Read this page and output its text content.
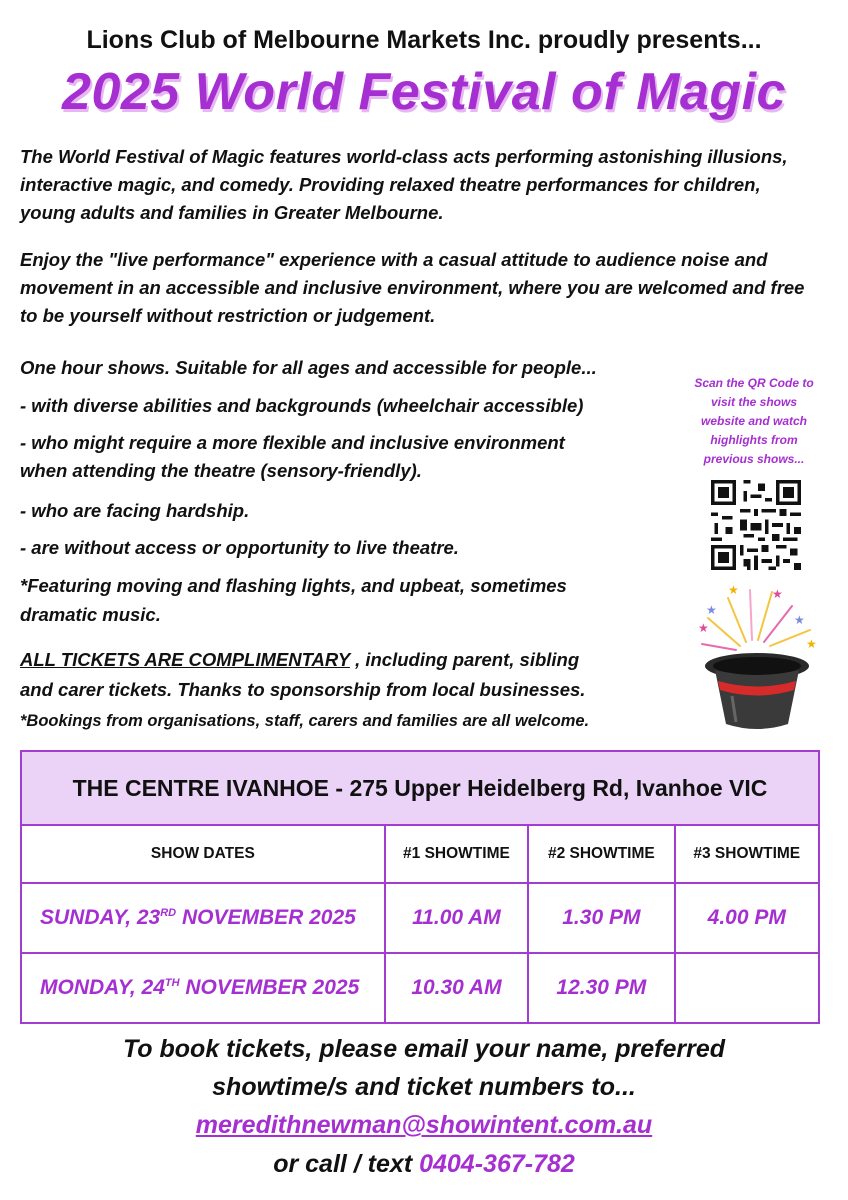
Lions Club of Melbourne Markets Inc. proudly presents...
2025 World Festival of Magic
The World Festival of Magic features world-class acts performing astonishing illusions, interactive magic, and comedy. Providing relaxed theatre performances for children, young adults and families in Greater Melbourne.
Enjoy the "live performance" experience with a casual attitude to audience noise and movement in an accessible and inclusive environment, where you are welcomed and free to be yourself without restriction or judgement.
One hour shows. Suitable for all ages and accessible for people...
- with diverse abilities and backgrounds (wheelchair accessible)
- who might require a more flexible and inclusive environment
when attending the theatre (sensory-friendly).
- who are facing hardship.
- are without access or opportunity to live theatre.
*Featuring moving and flashing lights, and upbeat, sometimes
dramatic music.
ALL TICKETS ARE COMPLIMENTARY , including parent, sibling
and carer tickets. Thanks to sponsorship from local businesses.
*Bookings from organisations, staff, carers and families are all welcome.
Scan the QR Code to visit the shows website and watch highlights from previous shows...
★	★
★
★
★
★
THE CENTRE IVANHOE - 275 Upper Heidelberg Rd, Ivanhoe VIC			
SHOW DATES	#1 SHOWTIME	#2 SHOWTIME	#3 SHOWTIME
SUNDAY, 23RD NOVEMBER 2025	11.00 AM	1.30 PM	4.00 PM
MONDAY, 24TH NOVEMBER 2025	10.30 AM	12.30 PM	
To book tickets, please email your name, preferred
showtime/s and ticket numbers to...
meredithnewman@showintent.com.au
or call / text 0404-367-782
